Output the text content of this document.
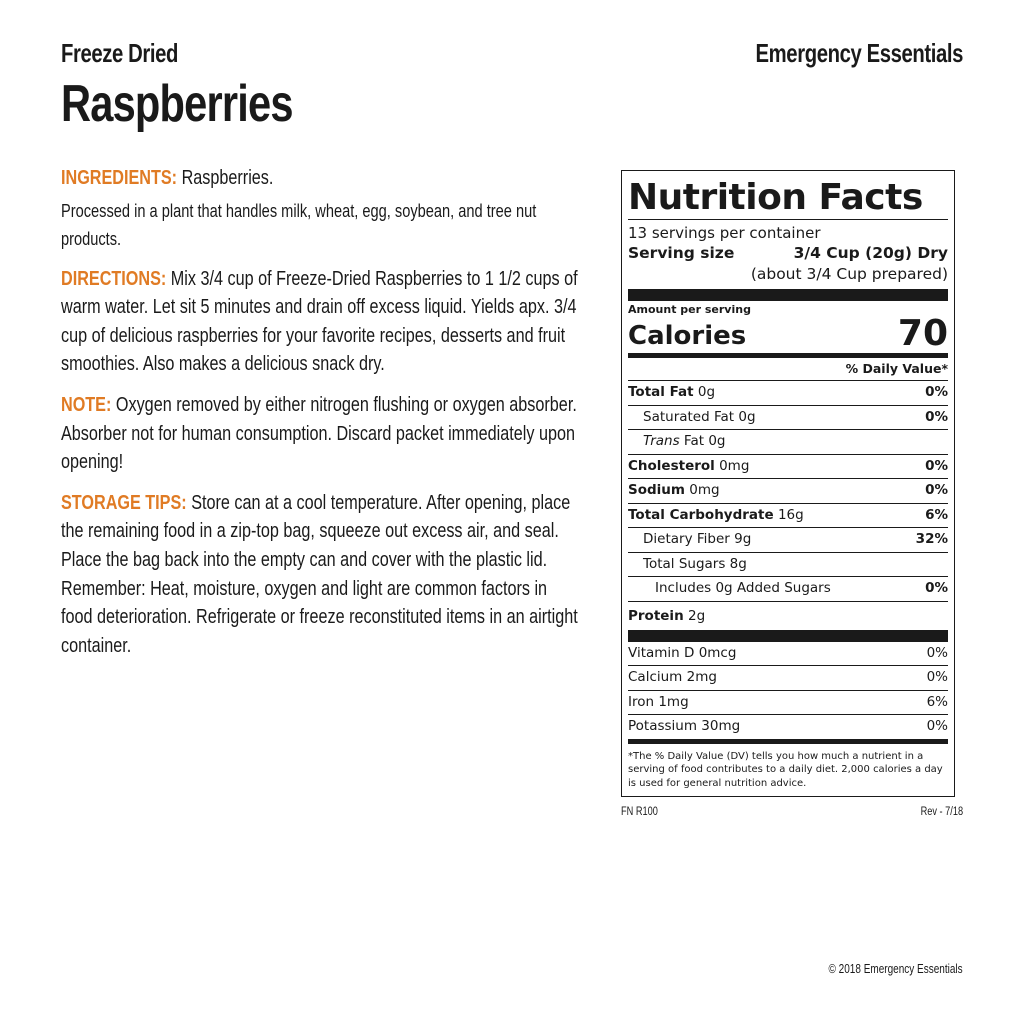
Freeze Dried
Raspberries
Emergency Essentials

INGREDIENTS: Raspberries.

Processed in a plant that handles milk, wheat, egg, soybean, and tree nut products.

DIRECTIONS: Mix 3/4 cup of Freeze-Dried Raspberries to 1 1/2 cups of warm water. Let sit 5 minutes and drain off excess liquid. Yields apx. 3/4 cup of delicious raspberries for your favorite recipes, desserts and fruit smoothies. Also makes a delicious snack dry.

NOTE: Oxygen removed by either nitrogen flushing or oxygen absorber. Absorber not for human consumption. Discard packet immediately upon opening!

STORAGE TIPS: Store can at a cool temperature. After opening, place the remaining food in a zip-top bag, squeeze out excess air, and seal. Place the bag back into the empty can and cover with the plastic lid. Remember: Heat, moisture, oxygen and light are common factors in food deterioration. Refrigerate or freeze reconstituted items in an airtight container.

Nutrition Facts
13 servings per container
Serving size	3/4 Cup (20g) Dry
(about 3/4 Cup prepared)
Amount per serving
Calories	70
% Daily Value*
Total Fat 0g	0%
Saturated Fat 0g	0%
Trans Fat 0g
Cholesterol 0mg	0%
Sodium 0mg	0%
Total Carbohydrate 16g	6%
Dietary Fiber 9g	32%
Total Sugars 8g
Includes 0g Added Sugars	0%
Protein 2g
Vitamin D 0mcg	0%
Calcium 2mg	0%
Iron 1mg	6%
Potassium 30mg	0%
*The % Daily Value (DV) tells you how much a nutrient in a serving of food contributes to a daily diet. 2,000 calories a day is used for general nutrition advice.
FN R100	Rev - 7/18
© 2018 Emergency Essentials
